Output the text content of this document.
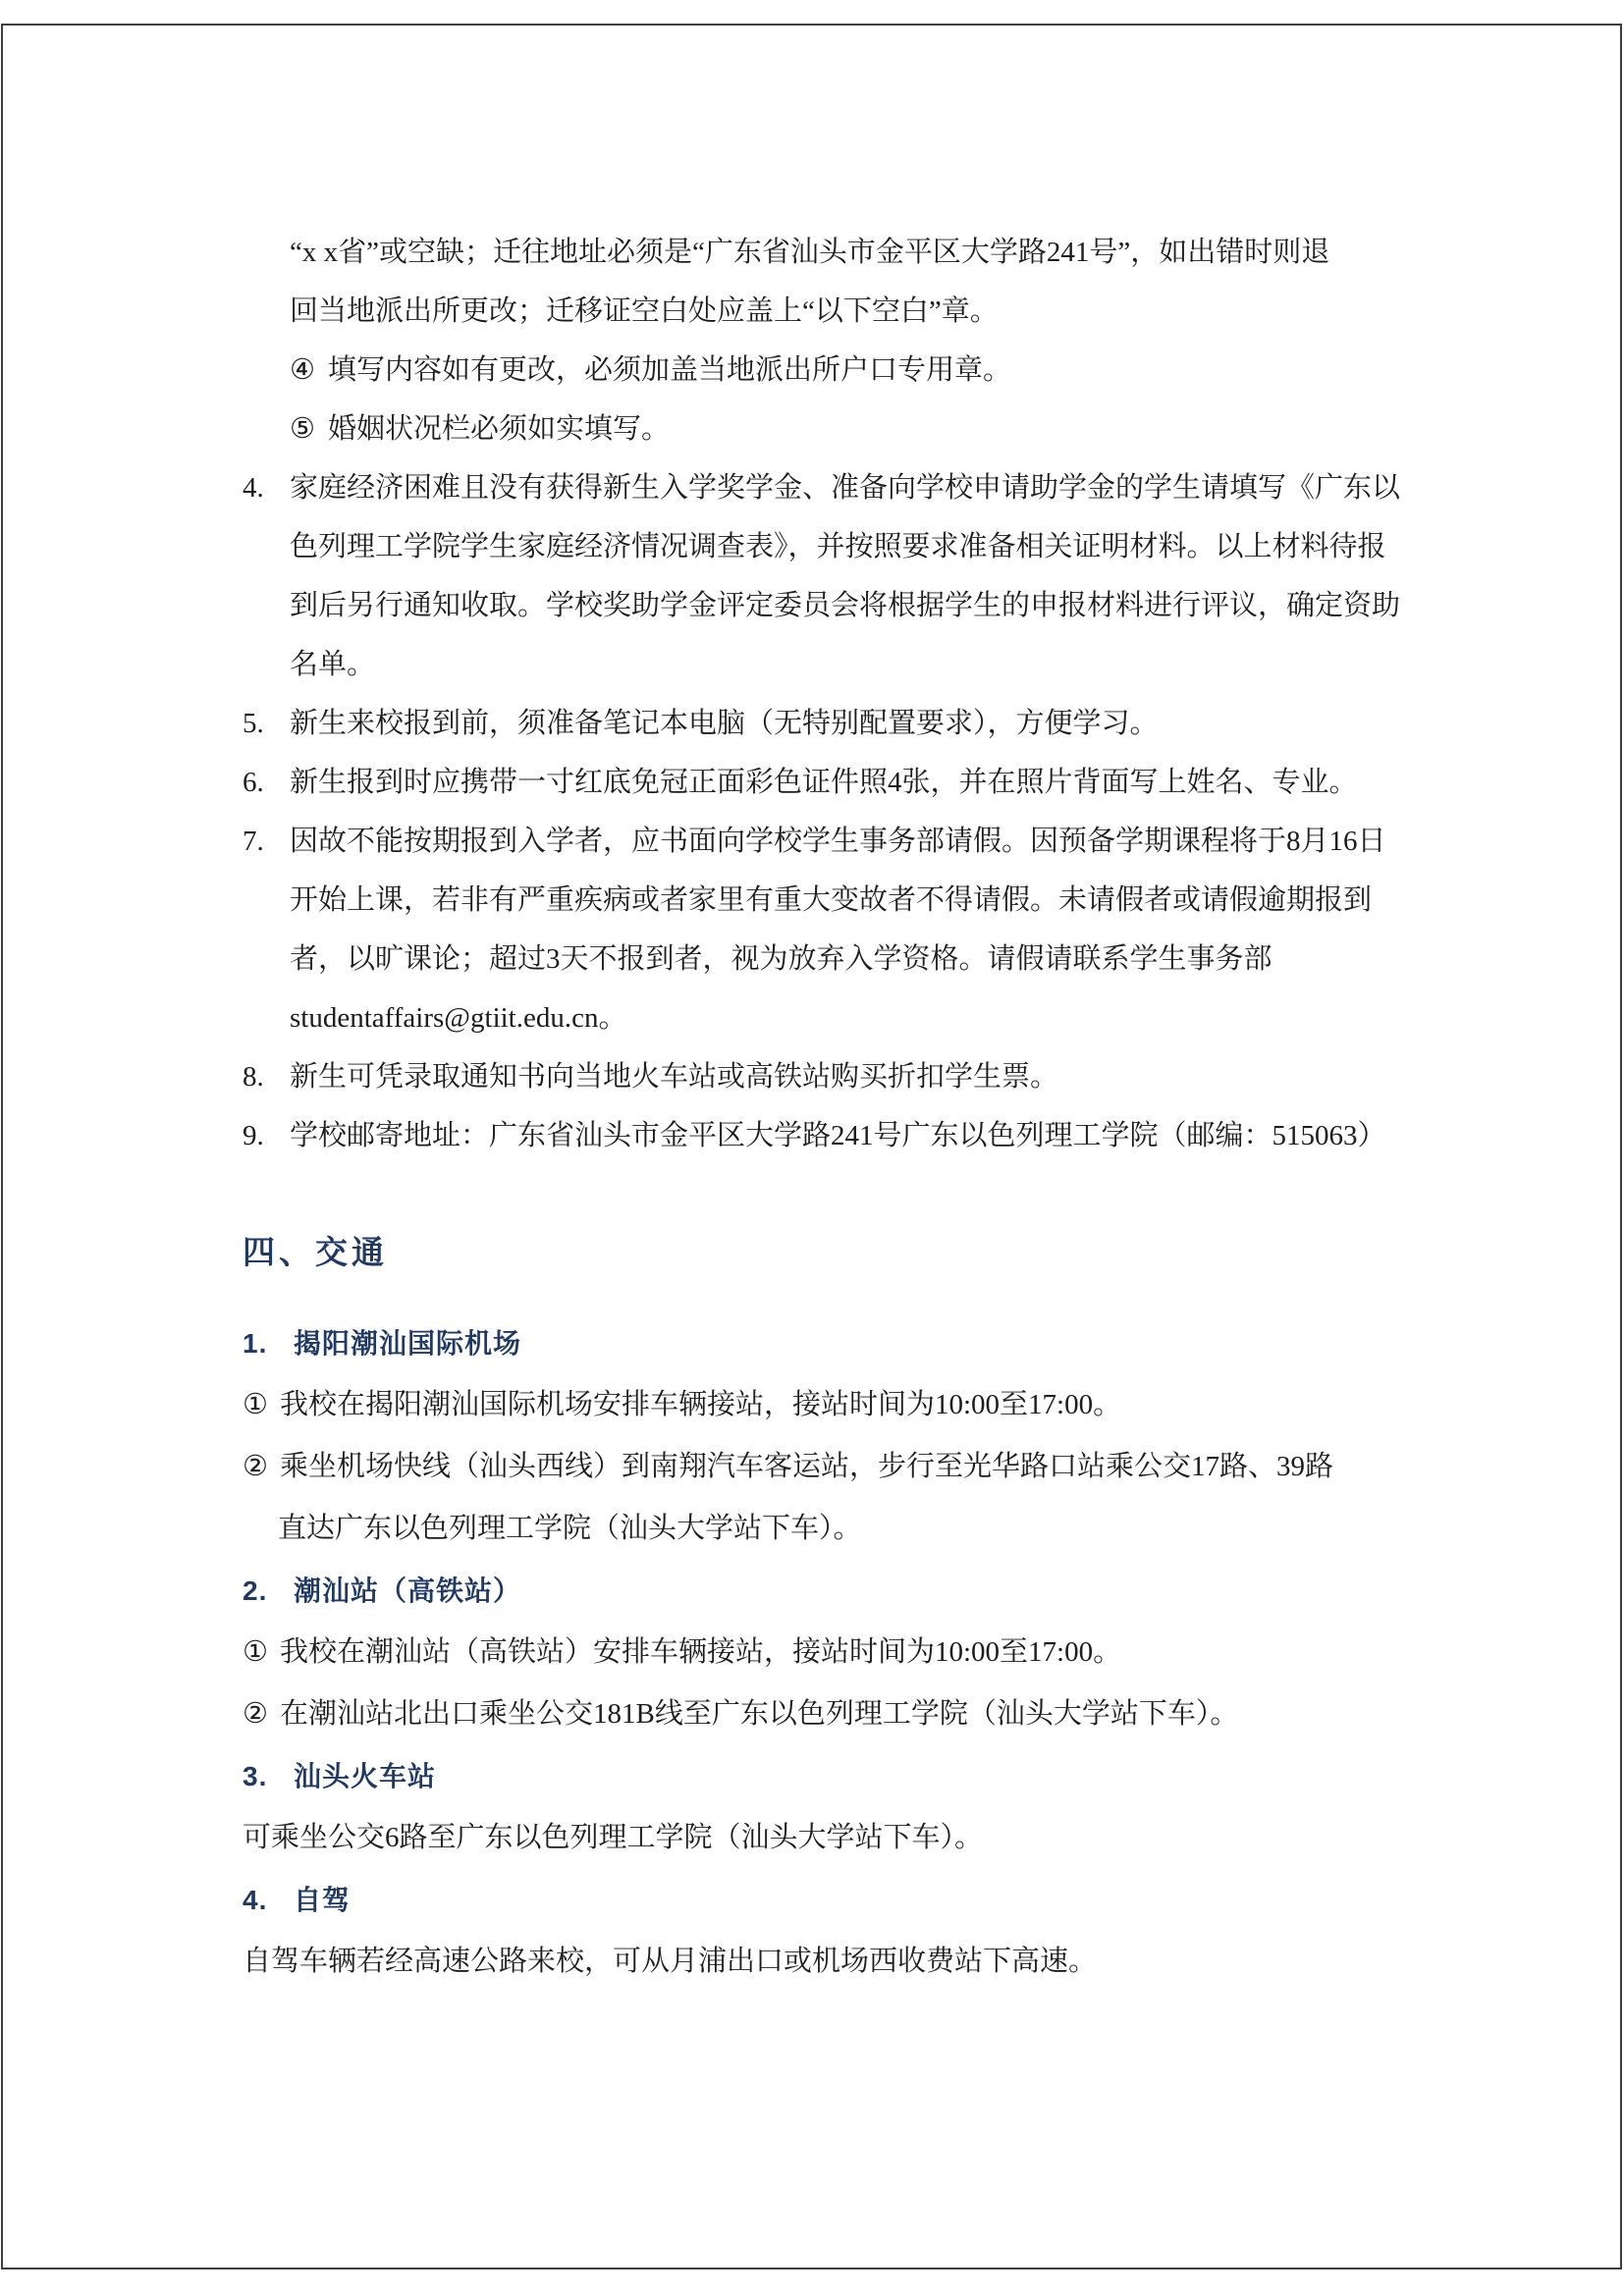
“x x省”或空缺；迁往地址必须是“广东省汕头市金平区大学路241号”，如出错时则退
回当地派出所更改；迁移证空白处应盖上“以下空白”章。
④ 填写内容如有更改，必须加盖当地派出所户口专用章。
⑤ 婚姻状况栏必须如实填写。
4. 家庭经济困难且没有获得新生入学奖学金、准备向学校申请助学金的学生请填写《广东以
色列理工学院学生家庭经济情况调查表》，并按照要求准备相关证明材料。以上材料待报
到后另行通知收取。学校奖助学金评定委员会将根据学生的申报材料进行评议，确定资助
名单。
5. 新生来校报到前，须准备笔记本电脑（无特别配置要求），方便学习。
6. 新生报到时应携带一寸红底免冠正面彩色证件照4张，并在照片背面写上姓名、专业。
7. 因故不能按期报到入学者，应书面向学校学生事务部请假。因预备学期课程将于8月16日
开始上课，若非有严重疾病或者家里有重大变故者不得请假。未请假者或请假逾期报到
者，以旷课论；超过3天不报到者，视为放弃入学资格。请假请联系学生事务部
studentaffairs@gtiit.edu.cn。
8. 新生可凭录取通知书向当地火车站或高铁站购买折扣学生票。
9. 学校邮寄地址：广东省汕头市金平区大学路241号广东以色列理工学院（邮编：515063）
四、交通
1. 揭阳潮汕国际机场
① 我校在揭阳潮汕国际机场安排车辆接站，接站时间为10:00至17:00。
② 乘坐机场快线（汕头西线）到南翔汽车客运站，步行至光华路口站乘公交17路、39路
直达广东以色列理工学院（汕头大学站下车）。
2. 潮汕站（高铁站）
① 我校在潮汕站（高铁站）安排车辆接站，接站时间为10:00至17:00。
② 在潮汕站北出口乘坐公交181B线至广东以色列理工学院（汕头大学站下车）。
3. 汕头火车站
可乘坐公交6路至广东以色列理工学院（汕头大学站下车）。
4. 自驾
自驾车辆若经高速公路来校，可从月浦出口或机场西收费站下高速。
